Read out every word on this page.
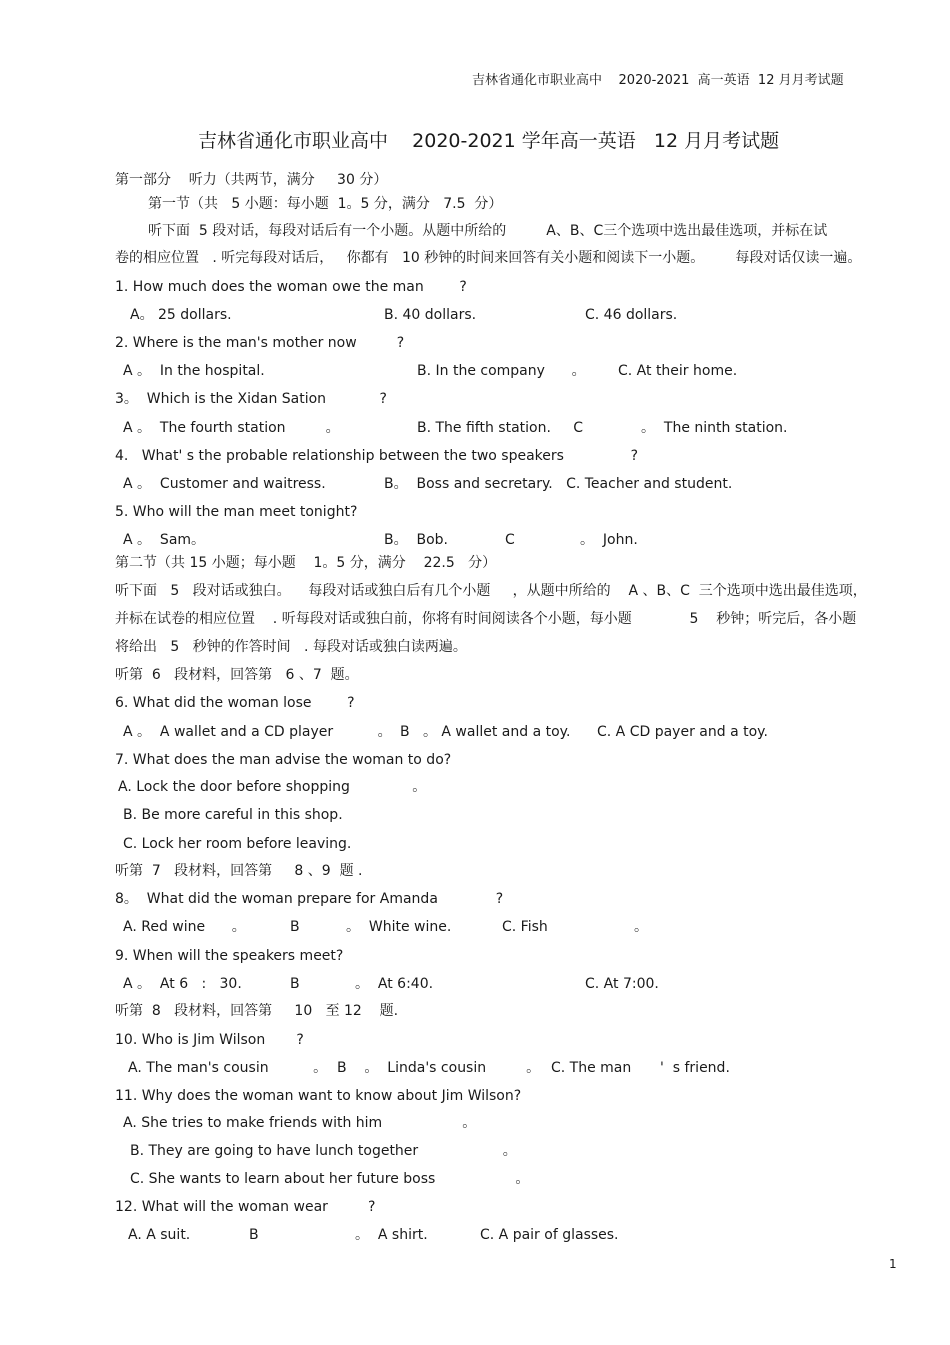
吉林省通化市职业高中    2020-2021  高一英语  12 月月考试题
吉林省通化市职业高中    2020-2021 学年高一英语   12 月月考试题
第一部分    听力（共两节，满分     30 分）
第一节（共   5 小题：每小题  1。5 分，满分   7.5  分）
听下面  5 段对话，每段对话后有一个小题。从题中所给的         A、B、C三个选项中选出最佳选项，并标在试
卷的相应位置   . 听完每段对话后，   你都有   10 秒钟的时间来回答有关小题和阅读下一小题。       每段对话仅读一遍。
1. How much does the woman owe the man        ?
A。 25 dollars.	B. 40 dollars.	C. 46 dollars.
2. Where is the man's mother now         ?
A 。  In the hospital.	B. In the company      。 C. At their home.
3。  Which is the Xidan Sation            ?
A 。  The fourth station         。	B. The fifth station.     C	。  The ninth station.
4.   What' s the probable relationship between the two speakers               ?
A 。  Customer and waitress.	B。  Boss and secretary.   C. Teacher and student.
5. Who will the man meet tonight?
A 。  Sam。	B。  Bob.	C	。  John.
第二节（共 15 小题；每小题    1。5 分，满分    22.5   分）
听下面   5   段对话或独白。    每段对话或独白后有几个小题     ，从题中所给的    A 、B、C  三个选项中选出最佳选项，
并标在试卷的相应位置    . 听每段对话或独白前，你将有时间阅读各个小题，每小题             5    秒钟；听完后，各小题
将给出   5   秒钟的作答时间   . 每段对话或独白读两遍。
听第  6   段材料，回答第   6 、7  题。
6. What did the woman lose        ?
A 。  A wallet and a CD player          。 B   。 A wallet and a toy. C. A CD payer and a toy.
7. What does the man advise the woman to do?
A. Lock the door before shopping              。
B. Be more careful in this shop.
C. Lock her room before leaving.
听第  7   段材料，回答第     8 、9  题 .
8。  What did the woman prepare for Amanda             ?
A. Red wine      。	B	。  White wine.	C. Fish	。
9. When will the speakers meet?
A 。  At 6   :   30.	B	。  At 6:40.	C. At 7:00.
听第  8   段材料，回答第     10   至 12    题.
10. Who is Jim Wilson       ?
A. The man's cousin          。 B    。  Linda's cousin         。 C. The man '  s friend.
11. Why does the woman want to know about Jim Wilson?
A. She tries to make friends with him                  。
B. They are going to have lunch together                   。
C. She wants to learn about her future boss                  。
12. What will the woman wear         ?
A. A suit.	B	。  A shirt.	C. A pair of glasses.
1
